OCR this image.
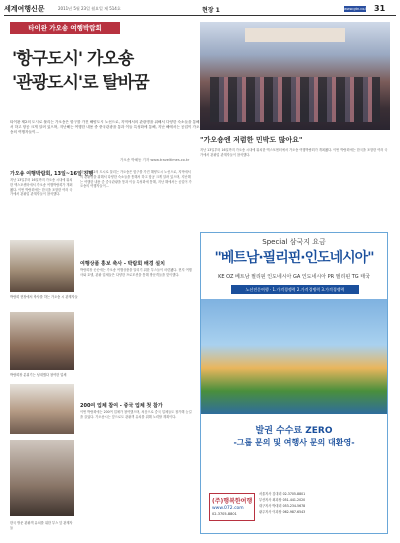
세계여행신문	2011년 5월 23일 월요일 제 514호	현장 1	www.gtn.co.kr 31
타이완 가오숑 여행박람회
'항구도시' 가오숑
'관광도시'로 탈바꿈
타이완 제2의 도시로 불리는 가오숑은 항구를 가진 해양도시 노선으로, 지역에서의 관광명을 위해서 다양한 숙소들을 통해서 하고 항공 크게 알려 있으며, 지난해는 여행한 내용 중 중국관광을 통과 이들 특성화에 통해, 지난 해에서는 공업이 가오숑의 여행자들이...
가오숑 박혜동 기자 www.traveltimes.co.kr
"가오숑엔 저렴한 민박도 많아요"
가오숑 여행박람회, 13일~16일 진행
지난 13일부터 16일까지 가오숑 시내에 위치한 엑스포센터에서 가오숑 여행박람회가 개최됐다. 이번 박람회에는 한국을 포함한 여러 국가에서 관광업 관계자들이 참석했다.
여행상품 홍보 축사 - 박람회 배경 설치
박람회장 곳곳에는 가오숑 여행상품을 알리기 위한 부스들이 마련됐다. 현지 여행사와 호텔, 관광 업체들은 다양한 프로모션을 통해 방문객들을 맞이했다.
200여 업체 참여 - 중국 업체 첫 참가
이번 박람회에는 200여 업체가 참여했으며, 처음으로 중국 업체들도 참가해 눈길을 끌었다. 가오숑시는 앞으로도 관광객 유치를 위해 노력할 계획이다.
타이완 제2의 도시로 불리는 가오숑은 항구를 가진 해양도시 노선으로, 지역에서의 관광명을 위해서 다양한 숙소들을 통해서 하고 항공 크게 알려 있으며, 지난해는 여행한 내용 중 중국관광을 통과 이들 특성화에 통해, 지난 해에서는 공업이 가오숑의 여행자들이...
지난 13일부터 16일까지 가오숑 시내에 위치한 엑스포센터에서 가오숑 여행박람회가 개최됐다. 이번 박람회에는 한국을 포함한 여러 국가에서 관광업 관계자들이 참석했다.
박람회 현장에서 축사를 하는 가오숑 시 관계자들
박람회장 분위기는 성대했다 참여한 업체
한국 방문 관광객 유치를 위한 부스 앞 관계자들
Special 삼국지 요금
"베트남·필리핀·인도네시아"
KE OZ 베트남 필리핀 인도네시아 GA 인도네시아 PR 필리핀 TG 태국
노선전문여행 · 1.가격경쟁력 2.가격경쟁력 3.가격경쟁력
발권 수수료 ZERO
-그룹 문의 및 여행사 문의 대환영-
(주)행복한여행
www.072.com
02-3705-8801
서울지사 김대리 02-3705-8801
부산지사 최과장 051-441-2020
대구지사 박대리 053-234-5678
광주지사 이과장 062-987-6543
